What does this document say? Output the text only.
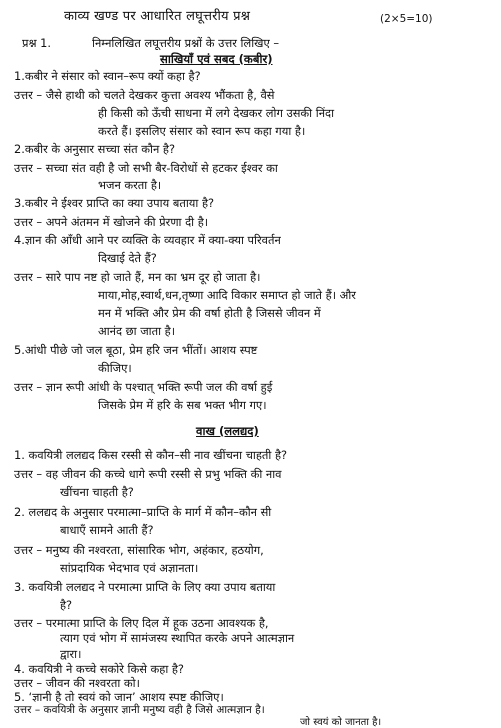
काव्य खण्ड पर आधारित लघूत्तरीय प्रश्न	(2×5=10)
प्रश्न 1.	निम्नलिखित लघूत्तरीय प्रश्नों के उत्तर लिखिए –
साखियाँ एवं सबद (कबीर)
1.कबीर ने संसार को स्वान–रूप क्यों कहा है?
उत्तर – जैसे हाथी को चलते देखकर कुत्ता अवश्य भौंकता है, वैसे
ही किसी को ऊँची साधना में लगे देखकर लोग उसकी निंदा
करते हैं। इसलिए संसार को स्वान रूप कहा गया है।
2.कबीर के अनुसार सच्चा संत कौन है?
उत्तर – सच्चा संत वही है जो सभी बैर-विरोधों से हटकर ईश्वर का
भजन करता है।
3.कबीर ने ईश्वर प्राप्ति का क्या उपाय बताया है?
उत्तर – अपने अंतमन में खोजने की प्रेरणा दी है।
4.ज्ञान की आँधी आने पर व्यक्ति के व्यवहार में क्या-क्या परिवर्तन
दिखाई देते हैं?
उत्तर – सारे पाप नष्ट हो जाते हैं, मन का भ्रम दूर हो जाता है।
माया,मोह,स्वार्थ,धन,तृष्णा आदि विकार समाप्त हो जाते हैं। और
मन में भक्ति और प्रेम की वर्षा होती है जिससे जीवन में
आनंद छा जाता है।
5.आंधी पीछे जो जल बूठा, प्रेम हरि जन भींतों। आशय स्पष्ट
कीजिए।
उत्तर – ज्ञान रूपी आंधी के पश्चात् भक्ति रूपी जल की वर्षा हुई
जिसके प्रेम में हरि के सब भक्त भीग गए।
वाख (ललद्यद)
1. कवयित्री ललद्यद किस रस्सी से कौन–सी नाव खींचना चाहती है?
उत्तर – वह जीवन की कच्चे धागे रूपी रस्सी से प्रभु भक्ति की नाव
खींचना चाहती है?
2. ललद्यद के अनुसार परमात्मा–प्राप्ति के मार्ग में कौन–कौन सी
बाधाएँ सामने आती हैं?
उत्तर – मनुष्य की नश्वरता, सांसारिक भोग, अहंकार, हठयोग,
सांप्रदायिक भेदभाव एवं अज्ञानता।
3. कवयित्री ललद्यद ने परमात्मा प्राप्ति के लिए क्या उपाय बताया
है?
उत्तर – परमात्मा प्राप्ति के लिए दिल में हूक उठना आवश्यक है,
त्याग एवं भोग में सामंजस्य स्थापित करके अपने आत्मज्ञान
द्वारा।
4. कवयित्री ने कच्चे सकोरे किसे कहा है?
उत्तर – जीवन की नश्वरता को।
5. ‘ज्ञानी है तो स्वयं को जान’ आशय स्पष्ट कीजिए।
उत्तर – कवयित्री के अनुसार ज्ञानी मनुष्य वही है जिसे आत्मज्ञान है।
जो स्वयं को जानता है।
